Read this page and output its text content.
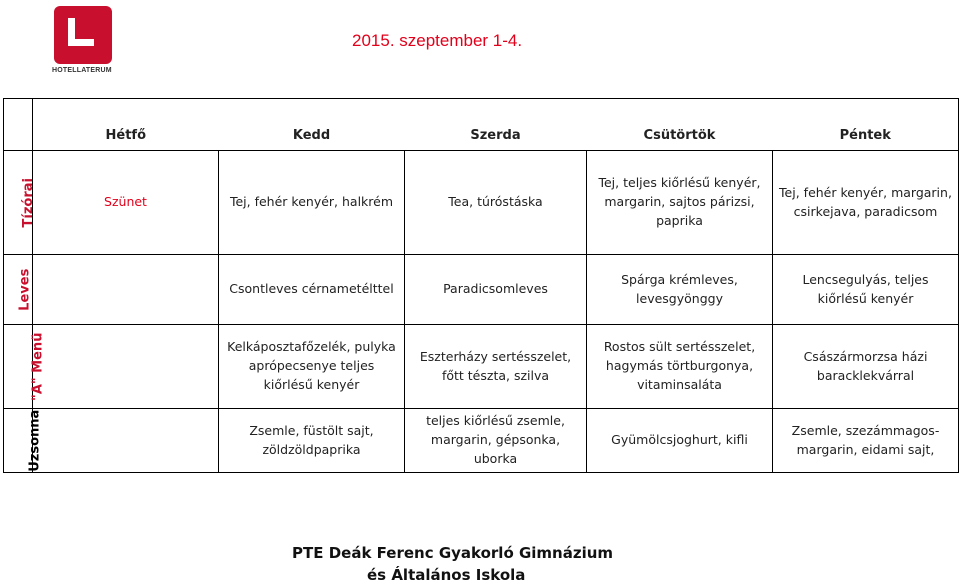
HOTELLATERUM
2015. szeptember 1-4.
	Hétfő	Kedd	Szerda	Csütörtök	Péntek
Tízórai	Szünet	Tej, fehér kenyér, halkrém	Tea, túróstáska	Tej, teljes kiőrlésű kenyér, margarin, sajtos párizsi, paprika	Tej, fehér kenyér, margarin, csirkejava, paradicsom
Leves		Csontleves cérnametélttel	Paradicsomleves	Spárga krémleves, levesgyönggy	Lencsegulyás, teljes kiőrlésű kenyér
"A" Menü		Kelkáposztafőzelék, pulyka aprópecsenye teljes kiőrlésű kenyér	Eszterházy sertésszelet, főtt tészta, szilva	Rostos sült sertésszelet, hagymás törtburgonya, vitaminsaláta	Császármorzsa házi baracklekvárral
Uzsonna		Zsemle, füstölt sajt, zöldzöldpaprika	teljes kiőrlésű zsemle, margarin, gépsonka, uborka	Gyümölcsjoghurt, kifli	Zsemle, szezámmagos-margarin, eidami sajt,
PTE Deák Ferenc Gyakorló Gimnázium
és Általános Iskola
